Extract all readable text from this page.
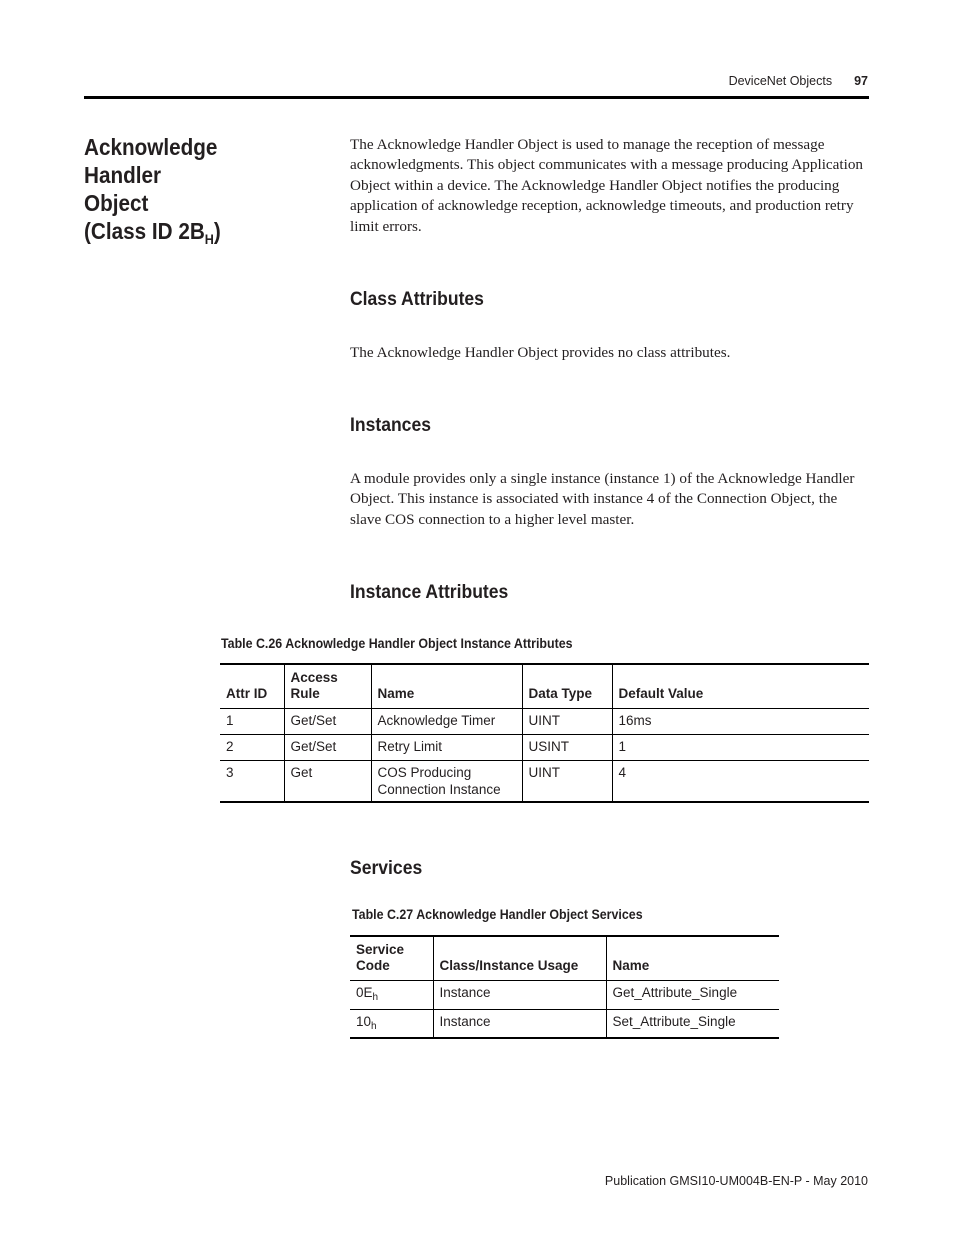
DeviceNet Objects 97
Acknowledge Handler
Object
(Class ID $2B_H$)
The Acknowledge Handler Object is used to manage the reception of message acknowledgments. This object communicates with a message producing Application Object within a device. The Acknowledge Handler Object notifies the producing application of acknowledge reception, acknowledge timeouts, and production retry limit errors.
Class Attributes
The Acknowledge Handler Object provides no class attributes.
Instances
A module provides only a single instance (instance 1) of the Acknowledge Handler Object. This instance is associated with instance 4 of the Connection Object, the slave COS connection to a higher level master.
Instance Attributes
Table C.26 Acknowledge Handler Object Instance Attributes
Attr ID	Access Rule	Name	Data Type	Default Value
1	Get/Set	Acknowledge Timer	UINT	16ms
2	Get/Set	Retry Limit	USINT	1
3	Get	COS Producing Connection Instance	UINT	4
Services
Table C.27 Acknowledge Handler Object Services
Service Code	Class/Instance Usage	Name
$0E_h$	Instance	Get_Attribute_Single
$10_h$	Instance	Set_Attribute_Single
Publication GMSI10-UM004B-EN-P - May 2010
